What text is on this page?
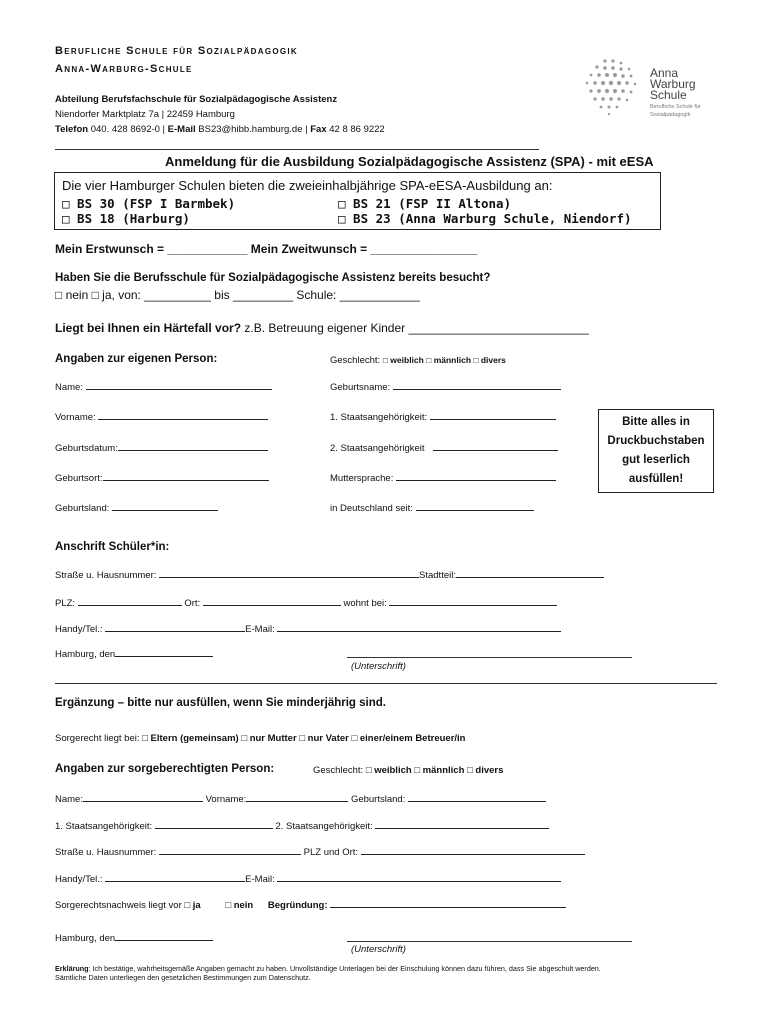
Berufliche Schule für Sozialpädagogik
Anna-Warburg-Schule
Abteilung Berufsfachschule für Sozialpädagogische Assistenz
Niendorfer Marktplatz 7a | 22459 Hamburg
Telefon 040. 428 8692-0 | E-Mail BS23@hibb.hamburg.de | Fax 42 8 86 9222
Anna
Warburg
Schule
Berufliche Schule für
Sozialpädagogik
Anmeldung für die Ausbildung Sozialpädagogische Assistenz (SPA) - mit eESA
Die vier Hamburger Schulen bieten die zweieinhalbjährige SPA-eESA-Ausbildung an:
□ BS 30 (FSP I Barmbek)	□ BS 21 (FSP II Altona)
□ BS 18 (Harburg)	□ BS 23 (Anna Warburg Schule, Niendorf)
Mein Erstwunsch = ____________ Mein Zweitwunsch = ________________
Haben Sie die Berufsschule für Sozialpädagogische Assistenz bereits besucht?
□ nein □ ja, von: __________ bis _________ Schule: ____________
Liegt bei Ihnen ein Härtefall vor? z.B. Betreuung eigener Kinder ___________________________
Angaben zur eigenen Person:	Geschlecht: □ weiblich □ männlich □ divers
Name:	Geburtsname:
Vorname:	1. Staatsangehörigkeit:
Geburtsdatum:	2. Staatsangehörigkeit
Geburtsort:	Muttersprache:
Geburtsland:	in Deutschland seit:
Bitte alles in
Druckbuchstaben
gut leserlich
ausfüllen!
Anschrift Schüler*in:
Straße u. Hausnummer:	Stadtteil:
PLZ:	Ort:	wohnt bei:
Handy/Tel.:	E-Mail:
Hamburg, den
(Unterschrift)
Ergänzung – bitte nur ausfüllen, wenn Sie minderjährig sind.
Sorgerecht liegt bei: □ Eltern (gemeinsam) □ nur Mutter □ nur Vater □ einer/einem Betreuer/in
Angaben zur sorgeberechtigten Person:	Geschlecht: □ weiblich □ männlich □ divers
Name:	Vorname:	Geburtsland:
1. Staatsangehörigkeit:	2. Staatsangehörigkeit:
Straße u. Hausnummer:	PLZ und Ort:
Handy/Tel.:	E-Mail:
Sorgerechtsnachweis liegt vor □ ja	□ nein Begründung:
Hamburg, den
(Unterschrift)
Erklärung: Ich bestätige, wahrheitsgemäße Angaben gemacht zu haben. Unvollständige Unterlagen bei der Einschulung können dazu führen, dass Sie abgeschult werden.
Sämtliche Daten unterliegen den gesetzlichen Bestimmungen zum Datenschutz.
